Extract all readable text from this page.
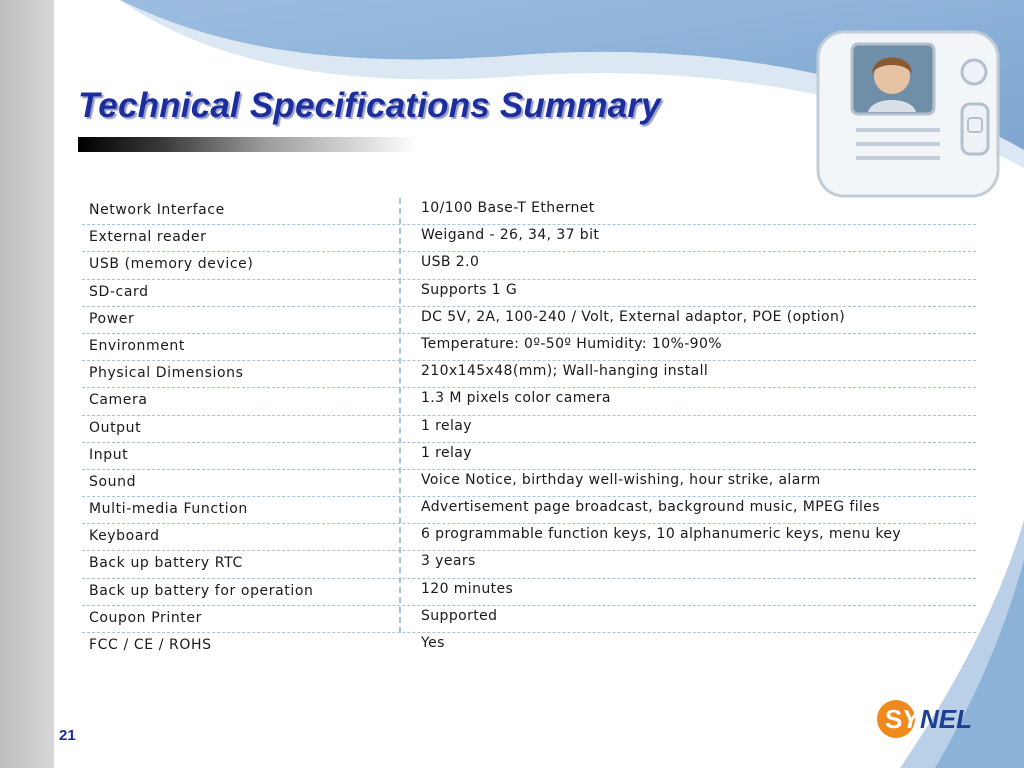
Technical Specifications Summary
Network Interface	10/100 Base-T Ethernet
External reader	Weigand - 26, 34, 37 bit
USB (memory device)	USB 2.0
SD-card	Supports 1 G
Power	DC 5V, 2A, 100-240 / Volt, External adaptor, POE (option)
Environment	Temperature: 0º-50º Humidity: 10%-90%
Physical Dimensions	210x145x48(mm); Wall-hanging install
Camera	1.3 M pixels color camera
Output	1 relay
Input	1 relay
Sound	Voice Notice, birthday well-wishing, hour strike, alarm
Multi-media Function	Advertisement page broadcast, background music, MPEG files
Keyboard	6 programmable function keys, 10 alphanumeric keys, menu key
Back up battery RTC	3 years
Back up battery for operation	120 minutes
Coupon Printer	Supported
FCC / CE / ROHS	Yes
21
S Y NEL
